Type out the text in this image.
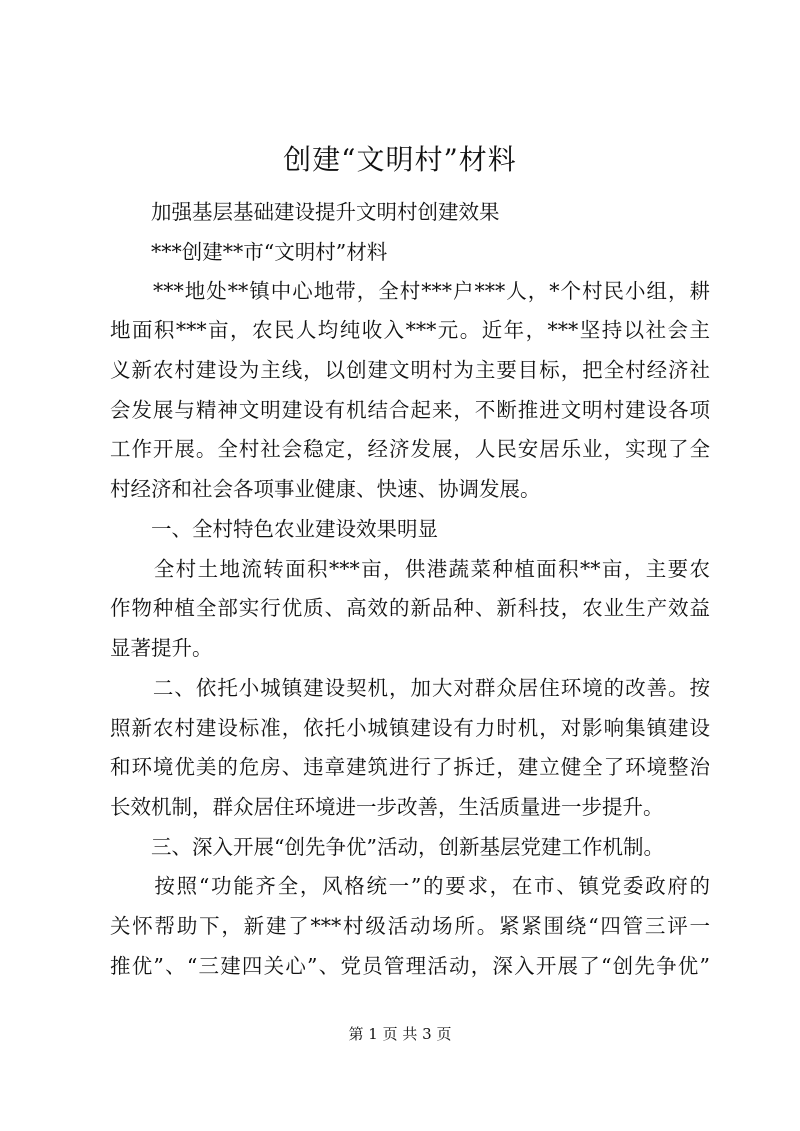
创建“文明村”材料
　　加强基层基础建设提升文明村创建效果
　　***创建**市“文明村”材料
　　***地处**镇中心地带，全村***户***人，*个村民小组，耕
地面积***亩，农民人均纯收入***元。近年，***坚持以社会主
义新农村建设为主线，以创建文明村为主要目标，把全村经济社
会发展与精神文明建设有机结合起来，不断推进文明村建设各项
工作开展。全村社会稳定，经济发展，人民安居乐业，实现了全
村经济和社会各项事业健康、快速、协调发展。
　　一、全村特色农业建设效果明显
　　全村土地流转面积***亩，供港蔬菜种植面积**亩，主要农
作物种植全部实行优质、高效的新品种、新科技，农业生产效益
显著提升。
　　二、依托小城镇建设契机，加大对群众居住环境的改善。按
照新农村建设标准，依托小城镇建设有力时机，对影响集镇建设
和环境优美的危房、违章建筑进行了拆迁，建立健全了环境整治
长效机制，群众居住环境进一步改善，生活质量进一步提升。
　　三、深入开展“创先争优”活动，创新基层党建工作机制。
　　按照“功能齐全，风格统一”的要求，在市、镇党委政府的
关怀帮助下，新建了***村级活动场所。紧紧围绕“四管三评一
推优”、“三建四关心”、党员管理活动，深入开展了“创先争优”
第 1 页 共 3 页
